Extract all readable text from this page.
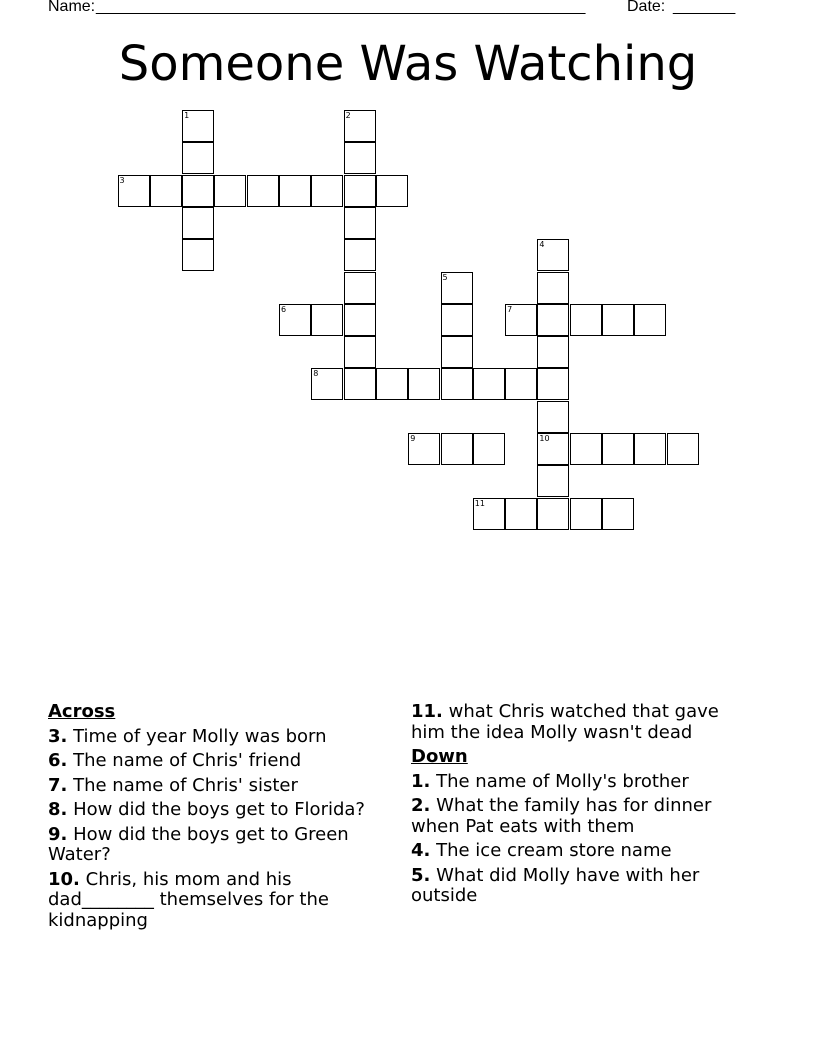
Name: _______________________________________________________	Date: _______
Someone Was Watching
1	2
3
4
10
5
6	7
8
9
11
Across
3. Time of year Molly was born
6. The name of Chris' friend
7. The name of Chris' sister
8. How did the boys get to Florida?
9. How did the boys get to Green Water?
10. Chris, his mom and his dad________ themselves for the kidnapping
11. what Chris watched that gave him the idea Molly wasn't dead
Down
1. The name of Molly's brother
2. What the family has for dinner when Pat eats with them
4. The ice cream store name
5. What did Molly have with her outside
